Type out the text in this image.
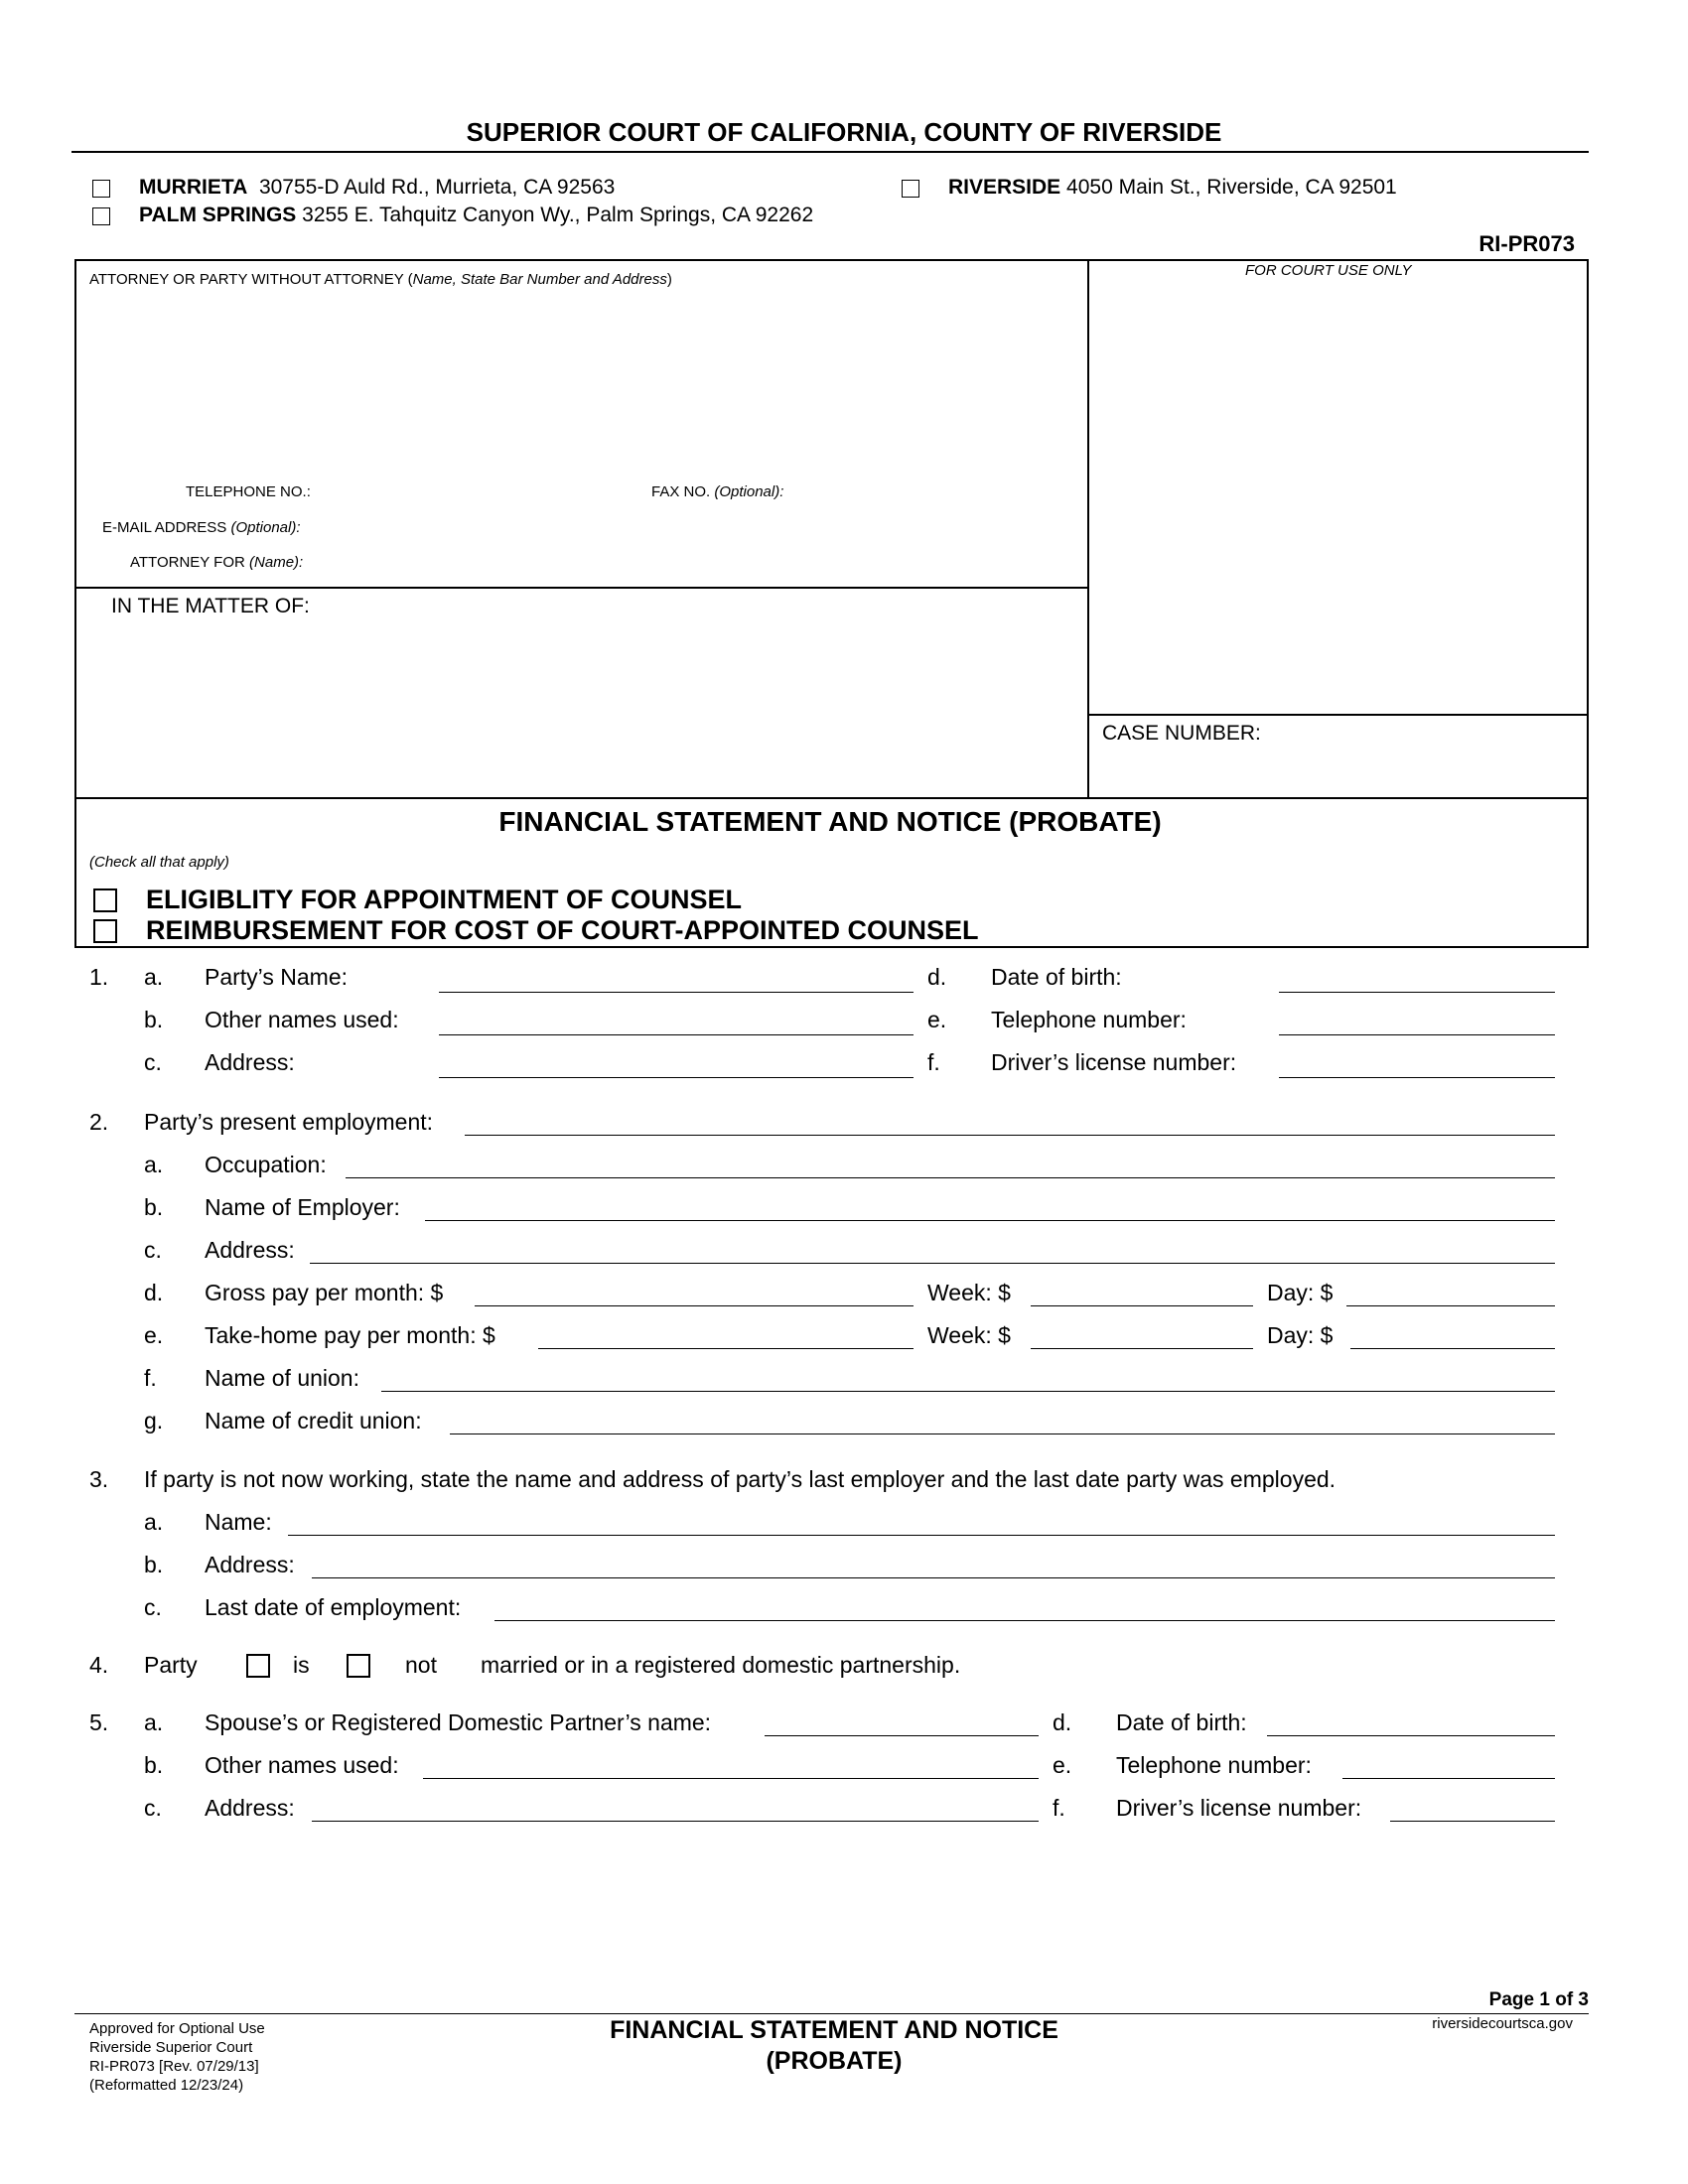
SUPERIOR COURT OF CALIFORNIA, COUNTY OF RIVERSIDE
MURRIETA 30755-D Auld Rd., Murrieta, CA 92563	RIVERSIDE 4050 Main St., Riverside, CA 92501
PALM SPRINGS 3255 E. Tahquitz Canyon Wy., Palm Springs, CA 92262
RI-PR073
ATTORNEY OR PARTY WITHOUT ATTORNEY (Name, State Bar Number and Address)
FOR COURT USE ONLY
TELEPHONE NO.:	FAX NO. (Optional):
E-MAIL ADDRESS (Optional):
ATTORNEY FOR (Name):
IN THE MATTER OF:
CASE NUMBER:
FINANCIAL STATEMENT AND NOTICE (PROBATE)
(Check all that apply)
ELIGIBLITY FOR APPOINTMENT OF COUNSEL
REIMBURSEMENT FOR COST OF COURT-APPOINTED COUNSEL
1. a. Party’s Name:	d. Date of birth:
b. Other names used:	e. Telephone number:
c. Address:	f. Driver’s license number:
2. Party’s present employment:
a. Occupation:
b. Name of Employer:
c. Address:
d. Gross pay per month: $	Week: $	Day: $
e. Take-home pay per month: $	Week: $	Day: $
f. Name of union:
g. Name of credit union:
3. If party is not now working, state the name and address of party’s last employer and the last date party was employed.
a. Name:
b. Address:
c. Last date of employment:
4. Party	is	not married or in a registered domestic partnership.
5. a. Spouse’s or Registered Domestic Partner’s name:	d. Date of birth:
b. Other names used:	e. Telephone number:
c. Address:	f. Driver’s license number:
Page 1 of 3
Approved for Optional Use
Riverside Superior Court
RI-PR073 [Rev. 07/29/13]
(Reformatted 12/23/24)
FINANCIAL STATEMENT AND NOTICE
(PROBATE)
riversidecourtsca.gov
